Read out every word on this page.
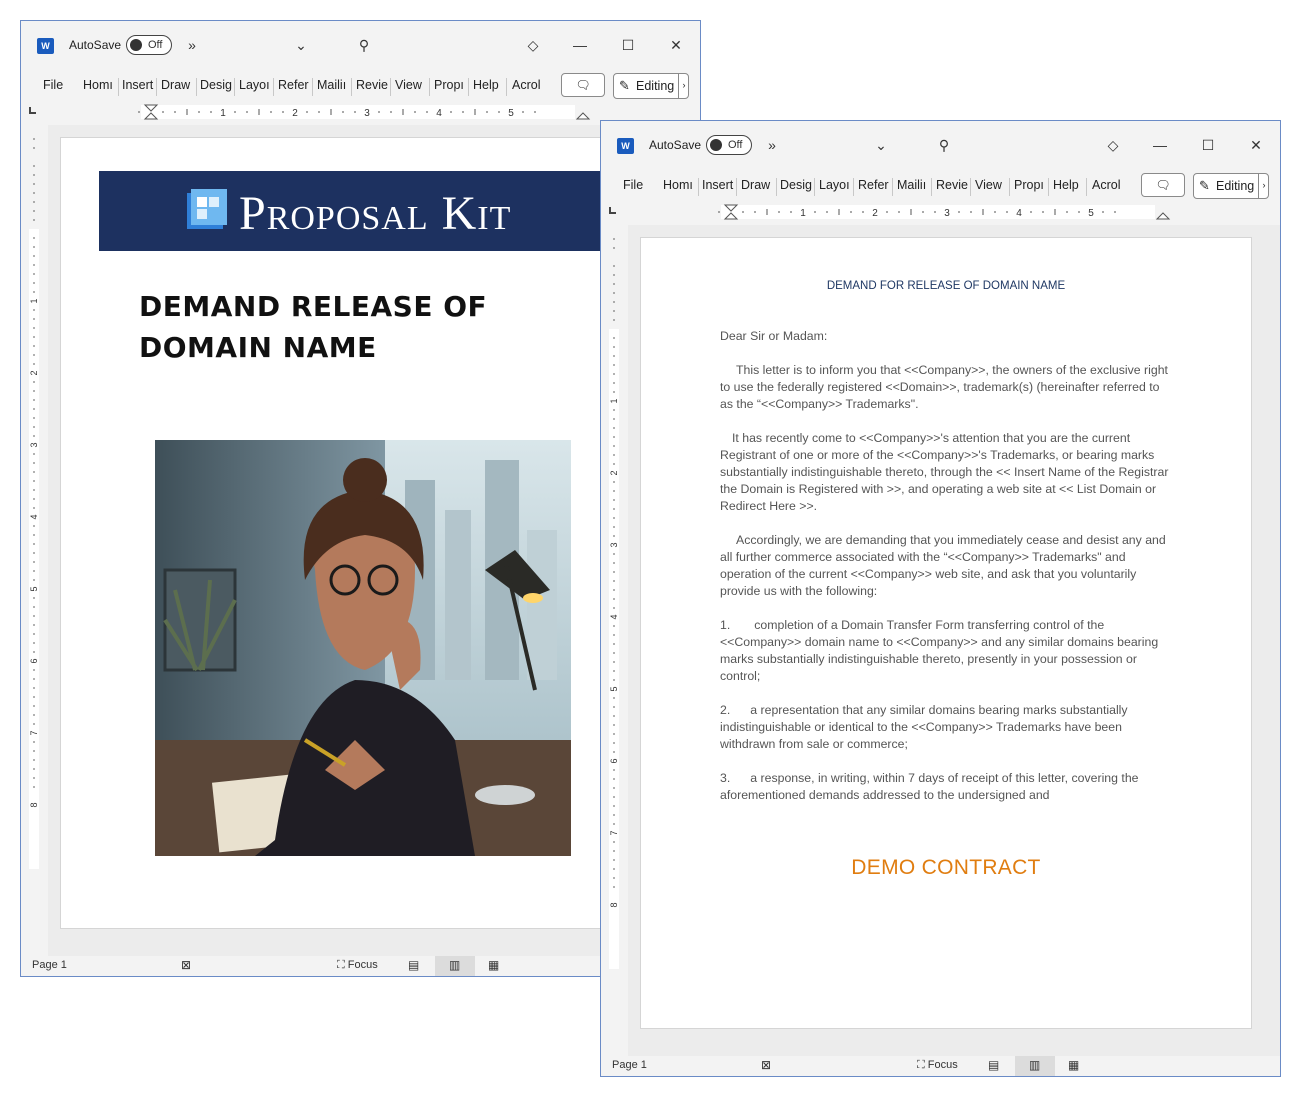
W	AutoSave Off	»	⌄	⚲	◇	— ☐	✕
File Homı Insert Draw Desig Layoı Refer Mailiı Revie View Propı Help Acrol	🗨	✎ Editing ›
1	2	3	4	5
1
2
3
4
5
6
7
8
Proposal Kit
DEMAND RELEASE OF
DOMAIN NAME
Page 1	⊠	⛶ Focus	▤ ▥ ▦
W	AutoSave Off	»	⌄	⚲	◇	— ☐	✕
File Homı Insert Draw Desig Layoı Refer Mailiı Revie View Propı Help Acrol	🗨	✎ Editing ›
1	2	3	4	5
1
2
3
4
5
6
7
8
DEMAND FOR RELEASE OF DOMAIN NAME

Dear Sir or Madam:

This letter is to inform you that <<Company>>, the owners of the exclusive right to use the federally registered <<Domain>>, trademark(s) (hereinafter referred to as the “<<Company>> Trademarks".

It has recently come to <<Company>>'s attention that you are the current Registrant of one or more of the <<Company>>'s Trademarks, or bearing marks substantially indistinguishable thereto, through the << Insert Name of the Registrar the Domain is Registered with >>, and operating a web site at << List Domain or Redirect Here >>.

Accordingly, we are demanding that you immediately cease and desist any and all further commerce associated with the “<<Company>> Trademarks" and operation of the current <<Company>> web site, and ask that you voluntarily provide us with the following:

1. completion of a Domain Transfer Form transferring control of the <<Company>> domain name to <<Company>> and any similar domains bearing marks substantially indistinguishable thereto, presently in your possession or control;

2. a representation that any similar domains bearing marks substantially indistinguishable or identical to the <<Company>> Trademarks have been withdrawn from sale or commerce;

3. a response, in writing, within 7 days of receipt of this letter, covering the aforementioned demands addressed to the undersigned and

DEMO CONTRACT
Page 1	⊠	⛶ Focus	▤ ▥ ▦
